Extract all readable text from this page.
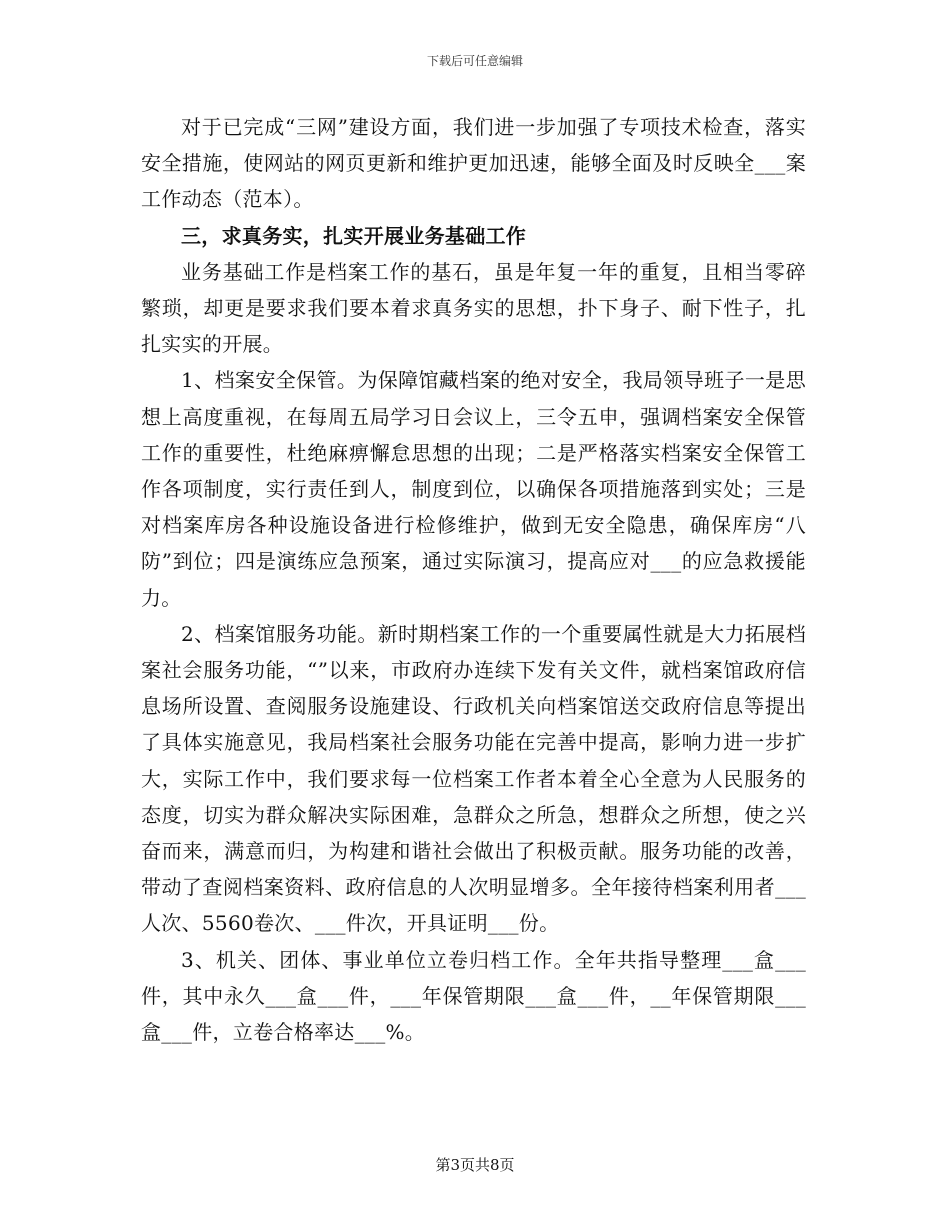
下载后可任意编辑

对于已完成“三网”建设方面，我们进一步加强了专项技术检查，落实安全措施，使网站的网页更新和维护更加迅速，能够全面及时反映全___案工作动态（范本）。

三，求真务实，扎实开展业务基础工作

业务基础工作是档案工作的基石，虽是年复一年的重复，且相当零碎繁琐，却更是要求我们要本着求真务实的思想，扑下身子、耐下性子，扎扎实实的开展。

1、档案安全保管。为保障馆藏档案的绝对安全，我局领导班子一是思想上高度重视，在每周五局学习日会议上，三令五申，强调档案安全保管工作的重要性，杜绝麻痹懈怠思想的出现；二是严格落实档案安全保管工作各项制度，实行责任到人，制度到位，以确保各项措施落到实处；三是对档案库房各种设施设备进行检修维护，做到无安全隐患，确保库房“八防”到位；四是演练应急预案，通过实际演习，提高应对___的应急救援能力。

2、档案馆服务功能。新时期档案工作的一个重要属性就是大力拓展档案社会服务功能，“”以来，市政府办连续下发有关文件，就档案馆政府信息场所设置、查阅服务设施建设、行政机关向档案馆送交政府信息等提出了具体实施意见，我局档案社会服务功能在完善中提高，影响力进一步扩大，实际工作中，我们要求每一位档案工作者本着全心全意为人民服务的态度，切实为群众解决实际困难，急群众之所急，想群众之所想，使之兴奋而来，满意而归，为构建和谐社会做出了积极贡献。服务功能的改善，带动了查阅档案资料、政府信息的人次明显增多。全年接待档案利用者___人次、5560卷次、___件次，开具证明___份。

3、机关、团体、事业单位立卷归档工作。全年共指导整理___盒___件，其中永久___盒___件，___年保管期限___盒___件，__年保管期限___盒___件，立卷合格率达___%。

第3页共8页
